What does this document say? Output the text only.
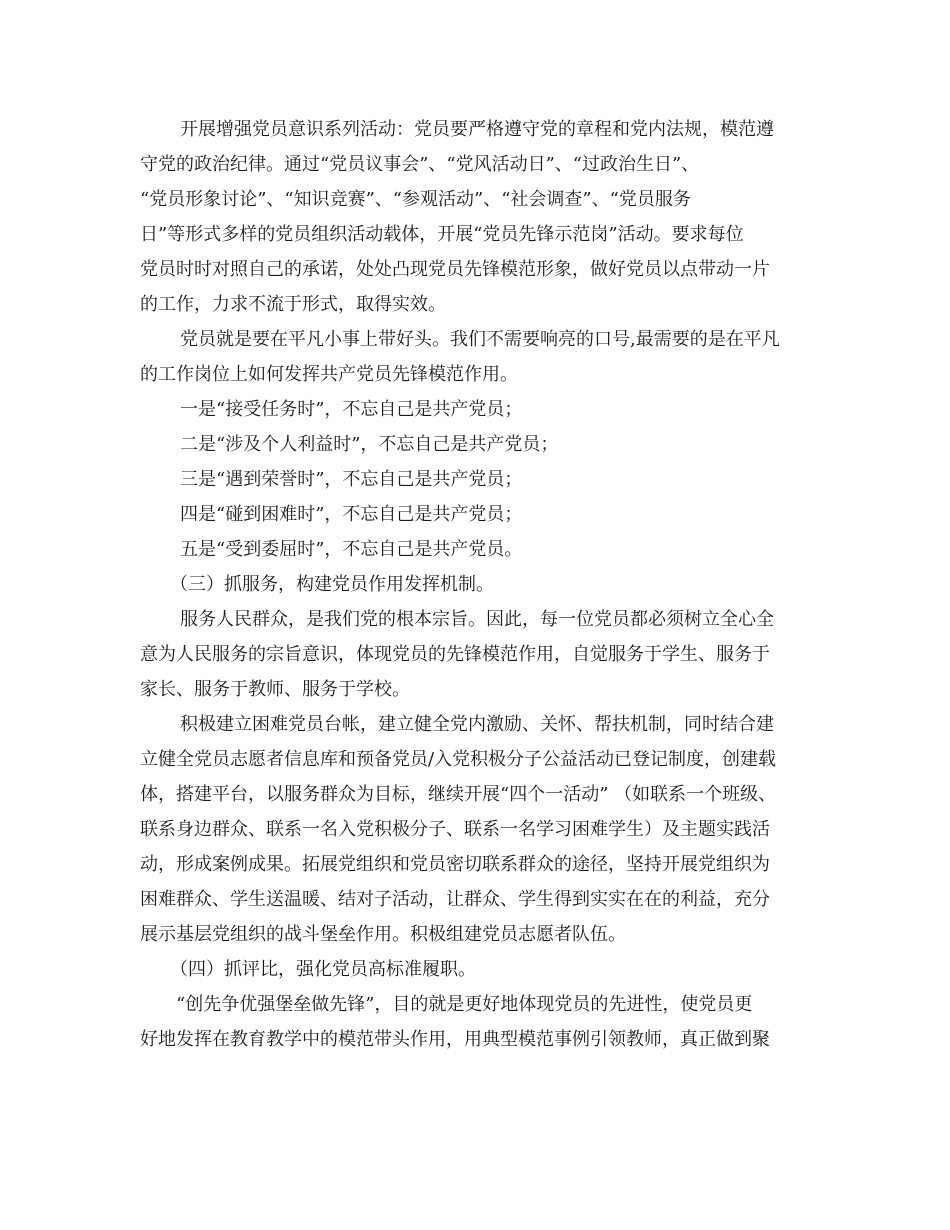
开展增强党员意识系列活动：党员要严格遵守党的章程和党内法规，模范遵
守党的政治纪律。通过“党员议事会”、“党风活动日”、“过政治生日”、
“党员形象讨论”、“知识竞赛”、“参观活动”、“社会调查”、“党员服务
日”等形式多样的党员组织活动载体，开展“党员先锋示范岗”活动。要求每位
党员时时对照自己的承诺，处处凸现党员先锋模范形象，做好党员以点带动一片
的工作，力求不流于形式，取得实效。
党员就是要在平凡小事上带好头。我们不需要响亮的口号,最需要的是在平凡
的工作岗位上如何发挥共产党员先锋模范作用。
一是“接受任务时”，不忘自己是共产党员；
二是“涉及个人利益时”，不忘自己是共产党员；
三是“遇到荣誉时”，不忘自己是共产党员；
四是“碰到困难时”，不忘自己是共产党员；
五是“受到委屈时”，不忘自己是共产党员。
（三）抓服务，构建党员作用发挥机制。
服务人民群众，是我们党的根本宗旨。因此，每一位党员都必须树立全心全
意为人民服务的宗旨意识，体现党员的先锋模范作用，自觉服务于学生、服务于
家长、服务于教师、服务于学校。
积极建立困难党员台帐，建立健全党内激励、关怀、帮扶机制，同时结合建
立健全党员志愿者信息库和预备党员/入党积极分子公益活动已登记制度，创建载
体，搭建平台，以服务群众为目标，继续开展“四个一活动” （如联系一个班级、
联系身边群众、联系一名入党积极分子、联系一名学习困难学生）及主题实践活
动，形成案例成果。拓展党组织和党员密切联系群众的途径，坚持开展党组织为
困难群众、学生送温暖、结对子活动，让群众、学生得到实实在在的利益，充分
展示基层党组织的战斗堡垒作用。积极组建党员志愿者队伍。
（四）抓评比，强化党员高标准履职。
“创先争优强堡垒做先锋”，目的就是更好地体现党员的先进性，使党员更
好地发挥在教育教学中的模范带头作用，用典型模范事例引领教师，真正做到聚
